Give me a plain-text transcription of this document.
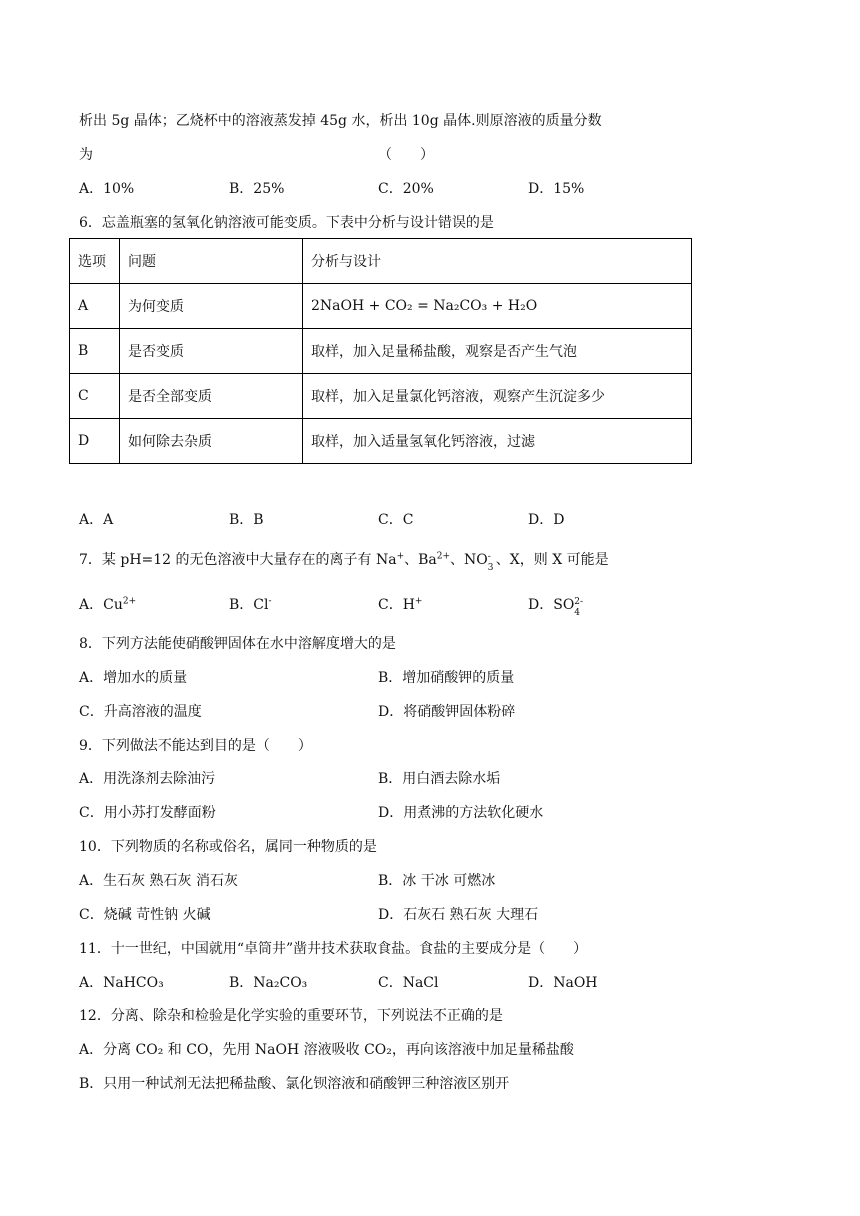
析出 5g 晶体；乙烧杯中的溶液蒸发掉 45g 水，析出 10g 晶体.则原溶液的质量分数
为	（　　）
A．10%	B．25%	C．20%	D．15%
6．忘盖瓶塞的氢氧化钠溶液可能变质。下表中分析与设计错误的是
选项	问题	分析与设计
A	为何变质	2NaOH + CO₂ = Na₂CO₃ + H₂O
B	是否变质	取样，加入足量稀盐酸，观察是否产生气泡
C	是否全部变质	取样，加入足量氯化钙溶液，观察产生沉淀多少
D	如何除去杂质	取样，加入适量氢氧化钙溶液，过滤
A．A	B．B	C．C	D．D
7．某 pH=12 的无色溶液中大量存在的离子有 Na+、$Ba^{2+}$、NO -
3 、X，则 X 可能是
A．$Cu^{2+}$	B．Cl-	C．H+	D．SO 2-
4
8．下列方法能使硝酸钾固体在水中溶解度增大的是
A．增加水的质量	B．增加硝酸钾的质量
C．升高溶液的温度	D．将硝酸钾固体粉碎
9．下列做法不能达到目的是（　　）
A．用洗涤剂去除油污	B．用白酒去除水垢
C．用小苏打发酵面粉	D．用煮沸的方法软化硬水
10．下列物质的名称或俗名，属同一种物质的是
A．生石灰 熟石灰 消石灰	B．冰 干冰 可燃冰
C．烧碱 苛性钠 火碱	D．石灰石 熟石灰 大理石
11．十一世纪，中国就用“卓筒井”凿井技术获取食盐。食盐的主要成分是（　　）
A．NaHCO₃	B．Na₂CO₃	C．NaCl	D．NaOH
12．分离、除杂和检验是化学实验的重要环节，下列说法不正确的是
A．分离 CO₂ 和 CO，先用 NaOH 溶液吸收 CO₂，再向该溶液中加足量稀盐酸
B．只用一种试剂无法把稀盐酸、氯化钡溶液和硝酸钾三种溶液区别开
